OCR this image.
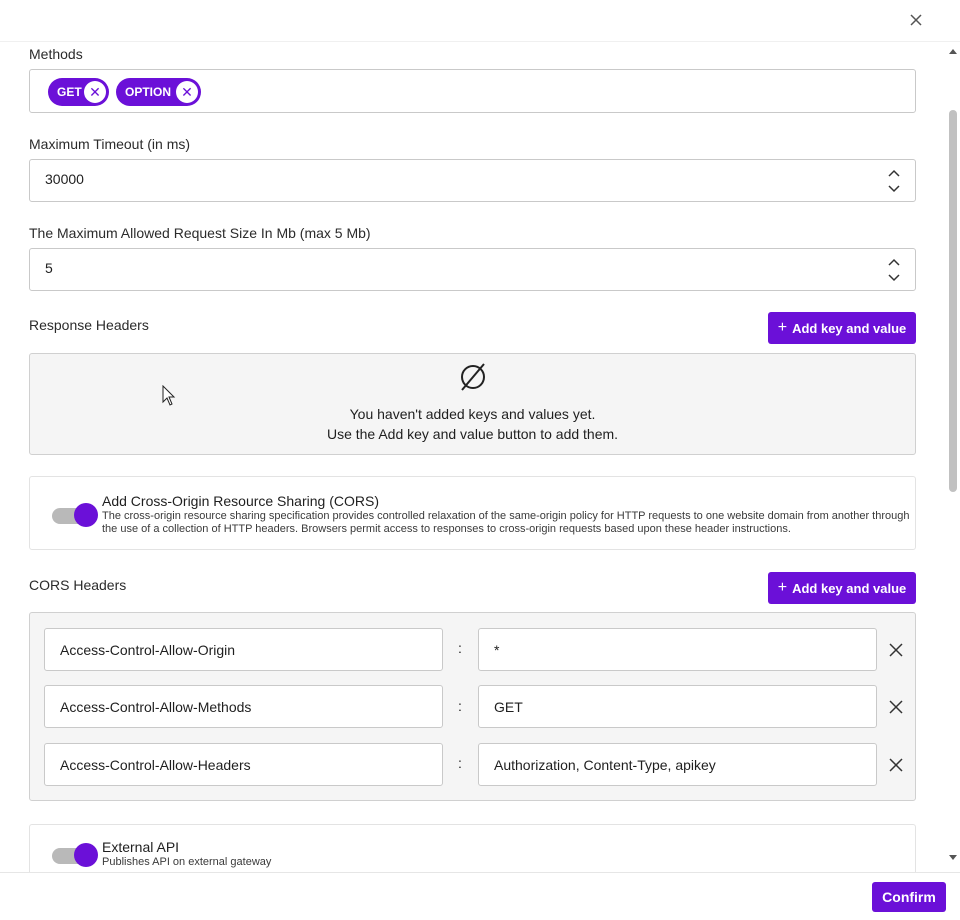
Methods
GET ✕	OPTION ✕
Maximum Timeout (in ms)
30000
The Maximum Allowed Request Size In Mb (max 5 Mb)
5
Response Headers	+ Add key and value
You haven't added keys and values yet.
Use the Add key and value button to add them.
Add Cross-Origin Resource Sharing (CORS)
The cross-origin resource sharing specification provides controlled relaxation of the same-origin policy for HTTP requests to one website domain from another through
the use of a collection of HTTP headers. Browsers permit access to responses to cross-origin requests based upon these header instructions.
CORS Headers	+ Add key and value
Access-Control-Allow-Origin	:	*
Access-Control-Allow-Methods	:	GET
Access-Control-Allow-Headers	:	Authorization, Content-Type, apikey
External API
Publishes API on external gateway
Confirm
